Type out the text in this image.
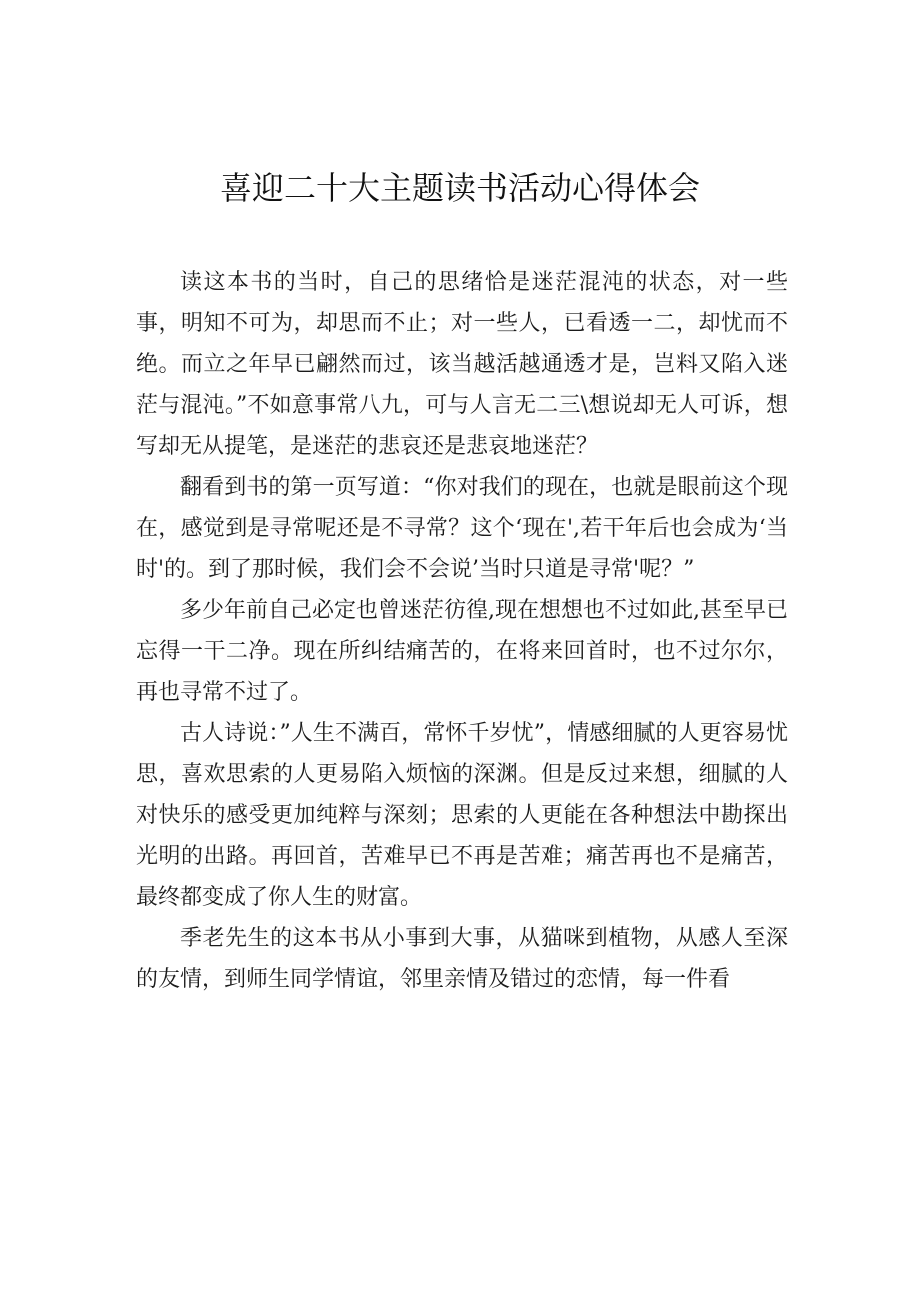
喜迎二十大主题读书活动心得体会

读这本书的当时，自己的思绪恰是迷茫混沌的状态，对一些事，明知不可为，却思而不止；对一些人，已看透一二，却忧而不绝。而立之年早已翩然而过，该当越活越通透才是，岂料又陷入迷茫与混沌。”不如意事常八九，可与人言无二三\想说却无人可诉，想写却无从提笔，是迷茫的悲哀还是悲哀地迷茫？

翻看到书的第一页写道：“你对我们的现在，也就是眼前这个现在，感觉到是寻常呢还是不寻常？这个‘现在',若干年后也会成为‘当时'的。到了那时候，我们会不会说’当时只道是寻常'呢？”

多少年前自己必定也曾迷茫彷徨,现在想想也不过如此,甚至早已忘得一干二净。现在所纠结痛苦的，在将来回首时，也不过尔尔，再也寻常不过了。

古人诗说：”人生不满百，常怀千岁忧”，情感细腻的人更容易忧思，喜欢思索的人更易陷入烦恼的深渊。但是反过来想，细腻的人对快乐的感受更加纯粹与深刻；思索的人更能在各种想法中勘探出光明的出路。再回首，苦难早已不再是苦难；痛苦再也不是痛苦，最终都变成了你人生的财富。

季老先生的这本书从小事到大事，从猫咪到植物，从感人至深的友情，到师生同学情谊，邻里亲情及错过的恋情，每一件看
